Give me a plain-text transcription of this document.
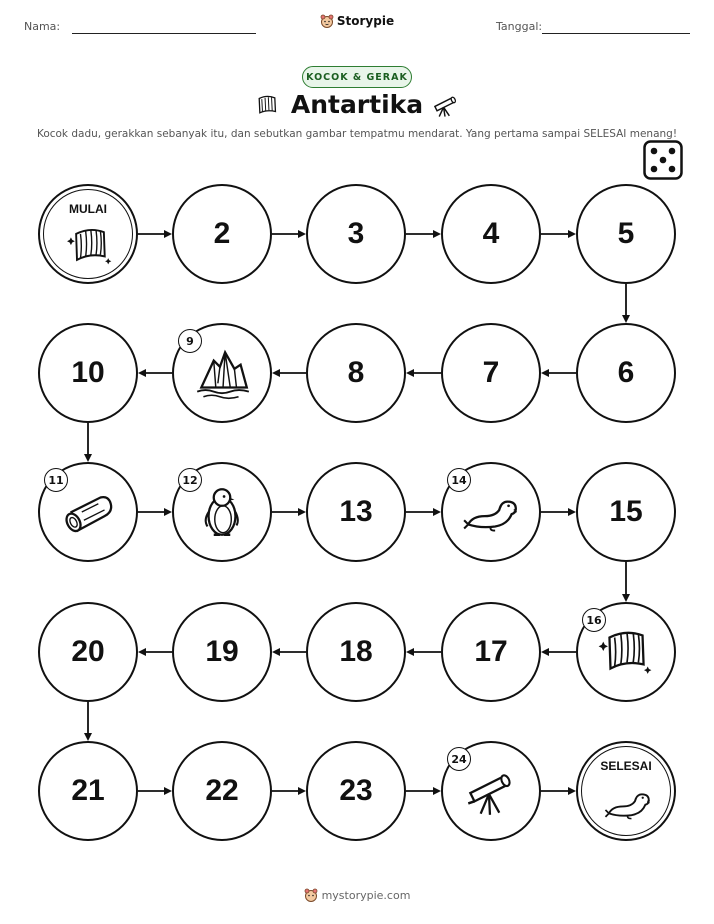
Nama:	Storypie	Tanggal:
KOCOK & GERAK
Antartika
Kocok dadu, gerakkan sebanyak itu, dan sebutkan gambar tempatmu mendarat. Yang pertama sampai SELESAI menang!
MULAI
2	3	4	5
10
9
8	7	6
11	12
13
14
15
20	19	18	17
16
21	22	23
24	SELESAI
mystorypie.com
